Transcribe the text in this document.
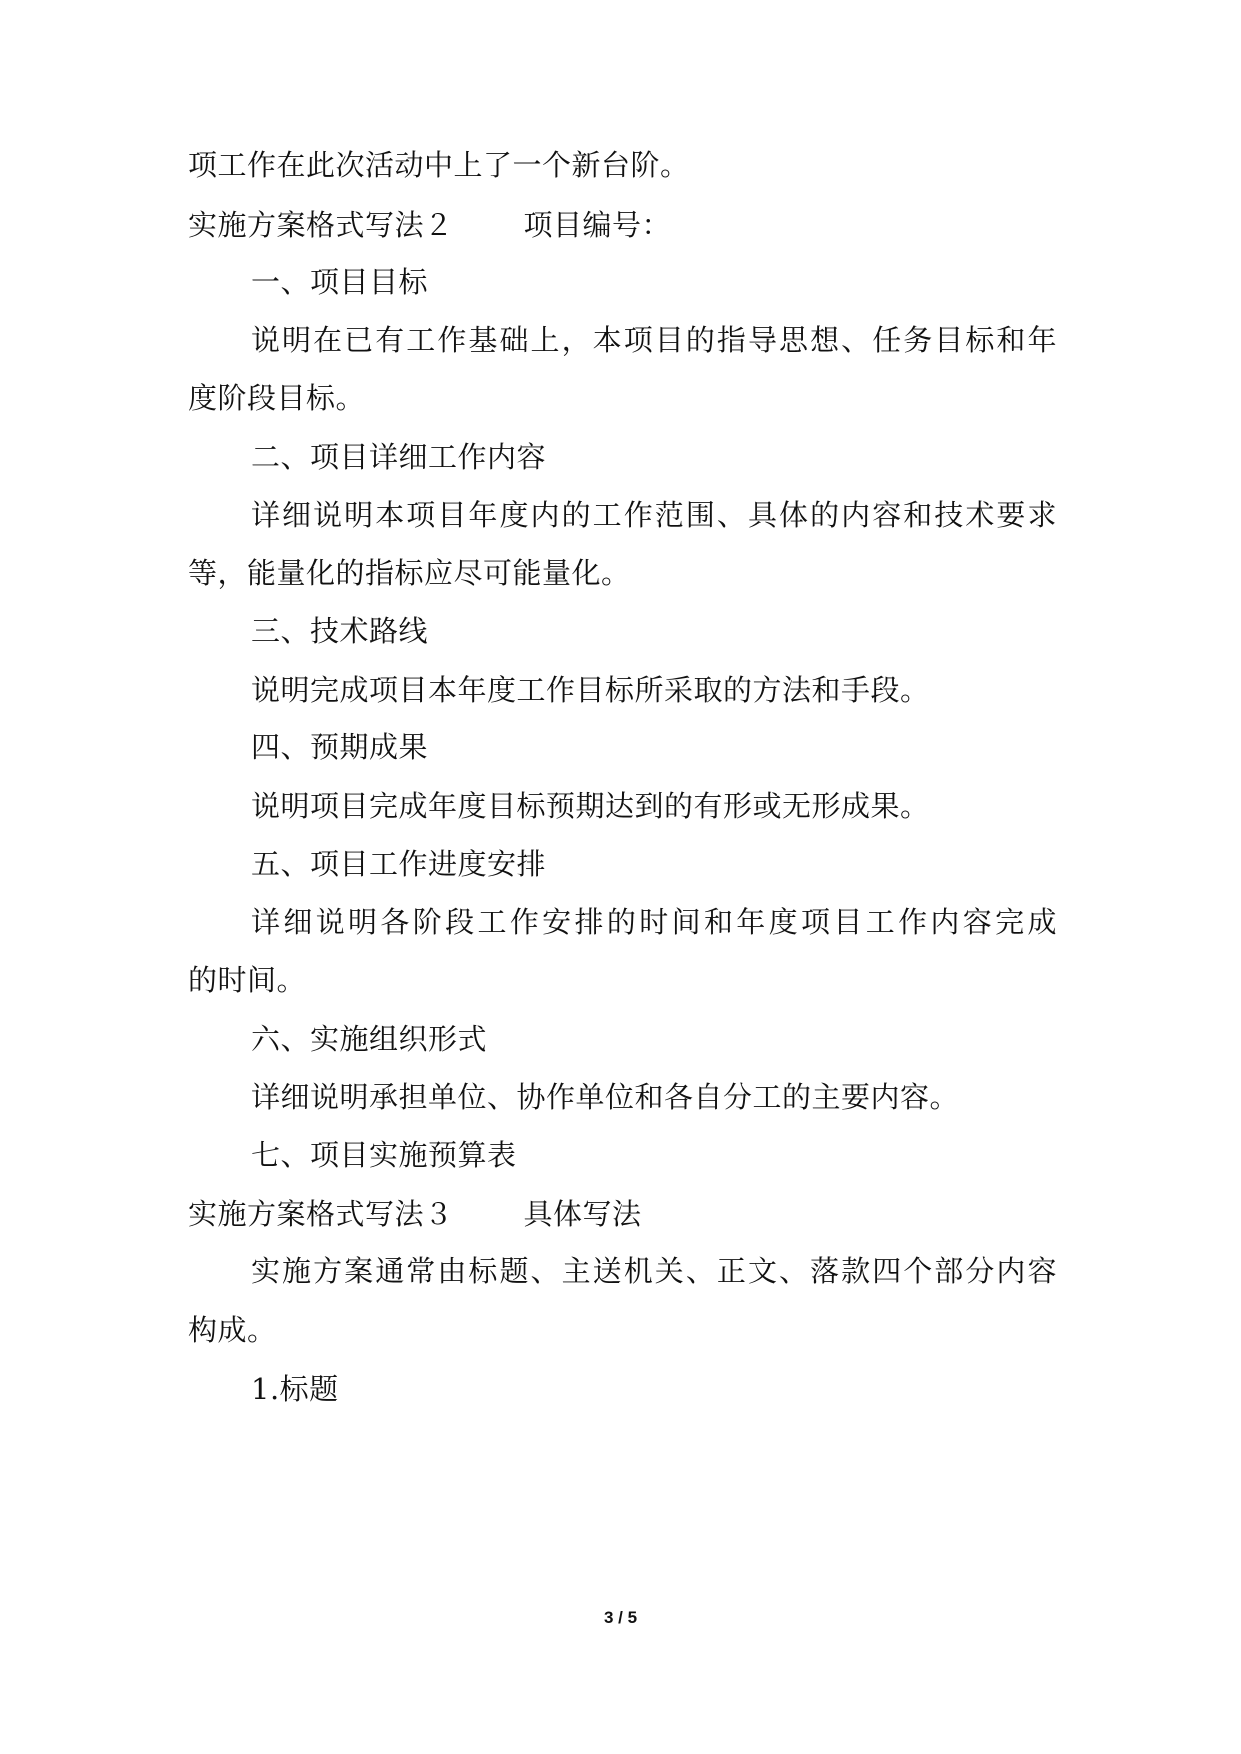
项工作在此次活动中上了一个新台阶。
实施方案格式写法２ 项目编号：
一、项目目标
说明在已有工作基础上，本项目的指导思想、任务目标和年
度阶段目标。
二、项目详细工作内容
详细说明本项目年度内的工作范围、具体的内容和技术要求
等，能量化的指标应尽可能量化。
三、技术路线
说明完成项目本年度工作目标所采取的方法和手段。
四、预期成果
说明项目完成年度目标预期达到的有形或无形成果。
五、项目工作进度安排
详细说明各阶段工作安排的时间和年度项目工作内容完成
的时间。
六、实施组织形式
详细说明承担单位、协作单位和各自分工的主要内容。
七、项目实施预算表
实施方案格式写法３ 具体写法
实施方案通常由标题、主送机关、正文、落款四个部分内容
构成。
1.标题
3 / 5
